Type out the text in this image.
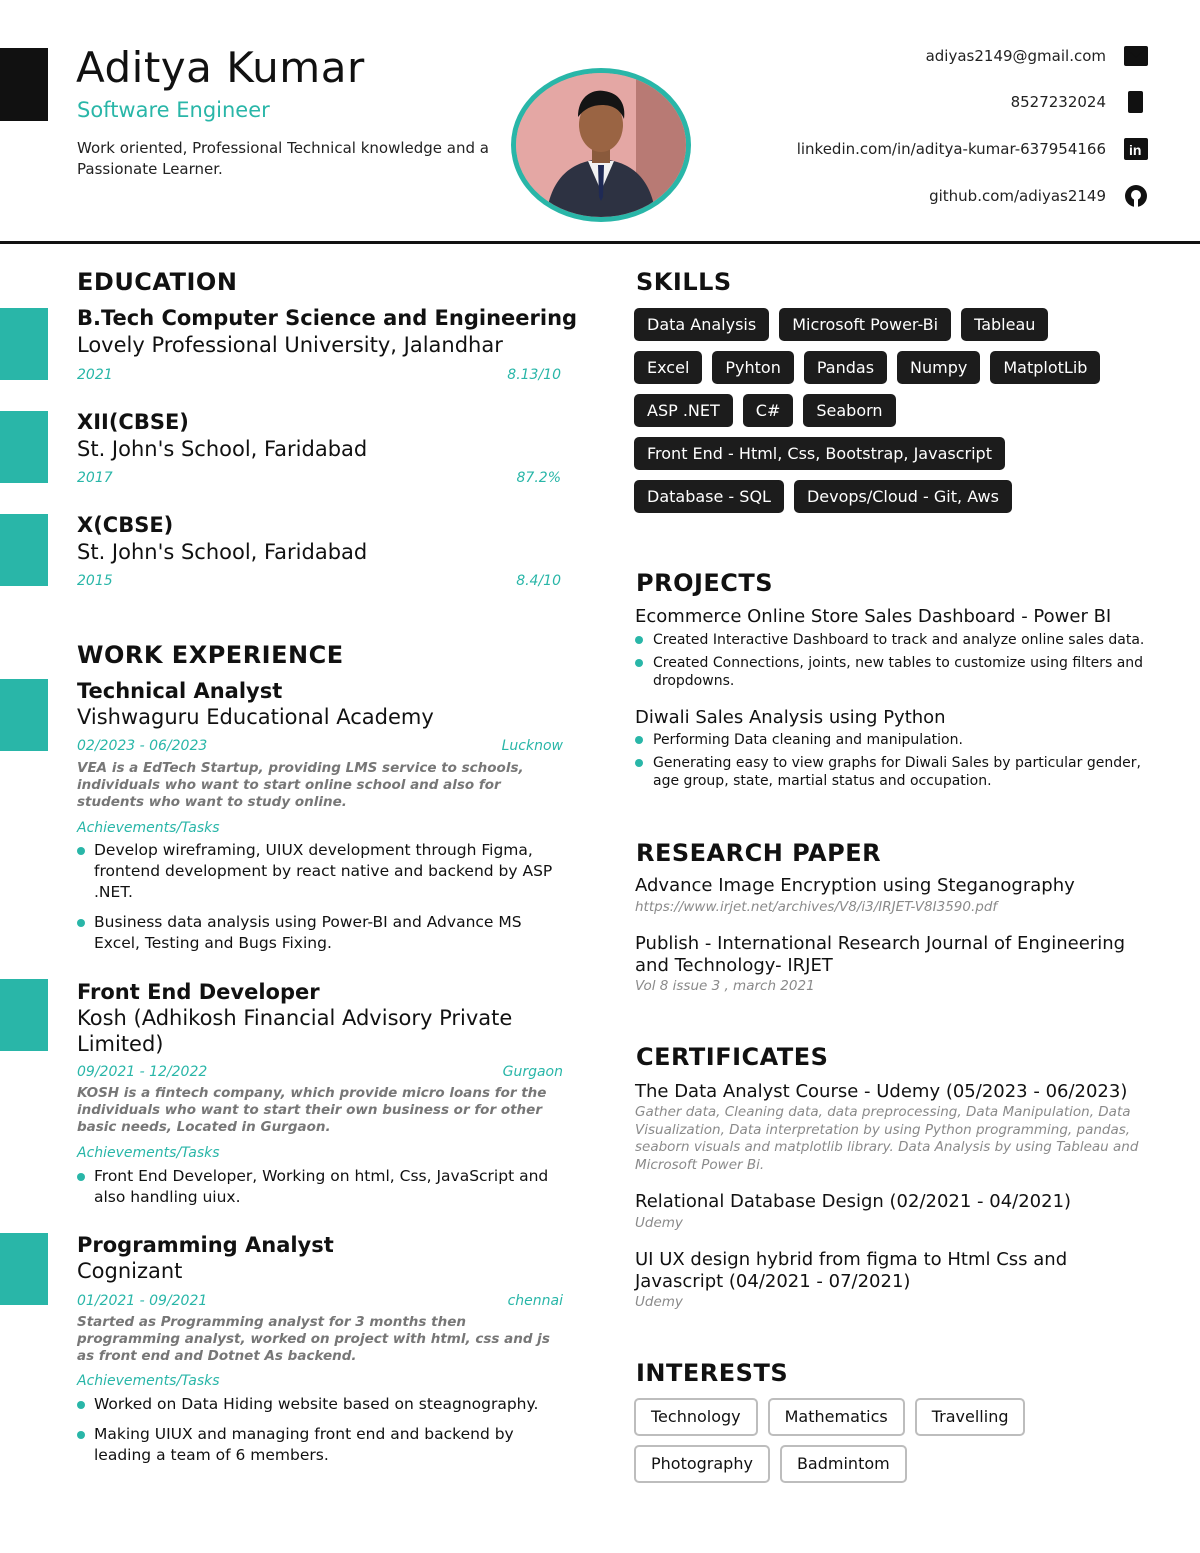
Aditya Kumar
Software Engineer
Work oriented, Professional Technical knowledge and a Passionate Learner.
adiyas2149@gmail.com
8527232024
linkedin.com/in/aditya-kumar-637954166 in
github.com/adiyas2149
EDUCATION
B.Tech Computer Science and Engineering
Lovely Professional University, Jalandhar
2021	8.13/10
XII(CBSE)
St. John's School, Faridabad
2017	87.2%
X(CBSE)
St. John's School, Faridabad
2015	8.4/10
WORK EXPERIENCE
Technical Analyst
Vishwaguru Educational Academy
02/2023 - 06/2023	Lucknow
VEA is a EdTech Startup, providing LMS service to schools, individuals who want to start online school and also for students who want to study online.
Achievements/Tasks
Develop wireframing, UIUX development through Figma, frontend development by react native and backend by ASP .NET.
Business data analysis using Power-BI and Advance MS Excel, Testing and Bugs Fixing.
Front End Developer
Kosh (Adhikosh Financial Advisory Private Limited)
09/2021 - 12/2022	Gurgaon
KOSH is a fintech company, which provide micro loans for the individuals who want to start their own business or for other basic needs, Located in Gurgaon.
Achievements/Tasks
Front End Developer, Working on html, Css, JavaScript and also handling uiux.
Programming Analyst
Cognizant
01/2021 - 09/2021	chennai
Started as Programming analyst for 3 months then programming analyst, worked on project with html, css and js as front end and Dotnet As backend.
Achievements/Tasks
Worked on Data Hiding website based on steagnography.
Making UIUX and managing front end and backend by leading a team of 6 members.
SKILLS
Data Analysis	Microsoft Power-Bi	Tableau
Excel	Pyhton	Pandas	Numpy	MatplotLib
ASP .NET	C#	Seaborn
Front End - Html, Css, Bootstrap, Javascript
Database - SQL	Devops/Cloud - Git, Aws
PROJECTS
Ecommerce Online Store Sales Dashboard - Power BI
Created Interactive Dashboard to track and analyze online sales data.
Created Connections, joints, new tables to customize using filters and dropdowns.
Diwali Sales Analysis using Python
Performing Data cleaning and manipulation.
Generating easy to view graphs for Diwali Sales by particular gender, age group, state, martial status and occupation.
RESEARCH PAPER
Advance Image Encryption using Steganography
https://www.irjet.net/archives/V8/i3/IRJET-V8I3590.pdf
Publish - International Research Journal of Engineering and Technology- IRJET
Vol 8 issue 3 , march 2021
CERTIFICATES
The Data Analyst Course - Udemy (05/2023 - 06/2023)
Gather data, Cleaning data, data preprocessing, Data Manipulation, Data Visualization, Data interpretation by using Python programming, pandas, seaborn visuals and matplotlib library. Data Analysis by using Tableau and Microsoft Power Bi.
Relational Database Design (02/2021 - 04/2021)
Udemy
UI UX design hybrid from figma to Html Css and Javascript (04/2021 - 07/2021)
Udemy
INTERESTS
Technology	Mathematics	Travelling
Photography	Badmintom
